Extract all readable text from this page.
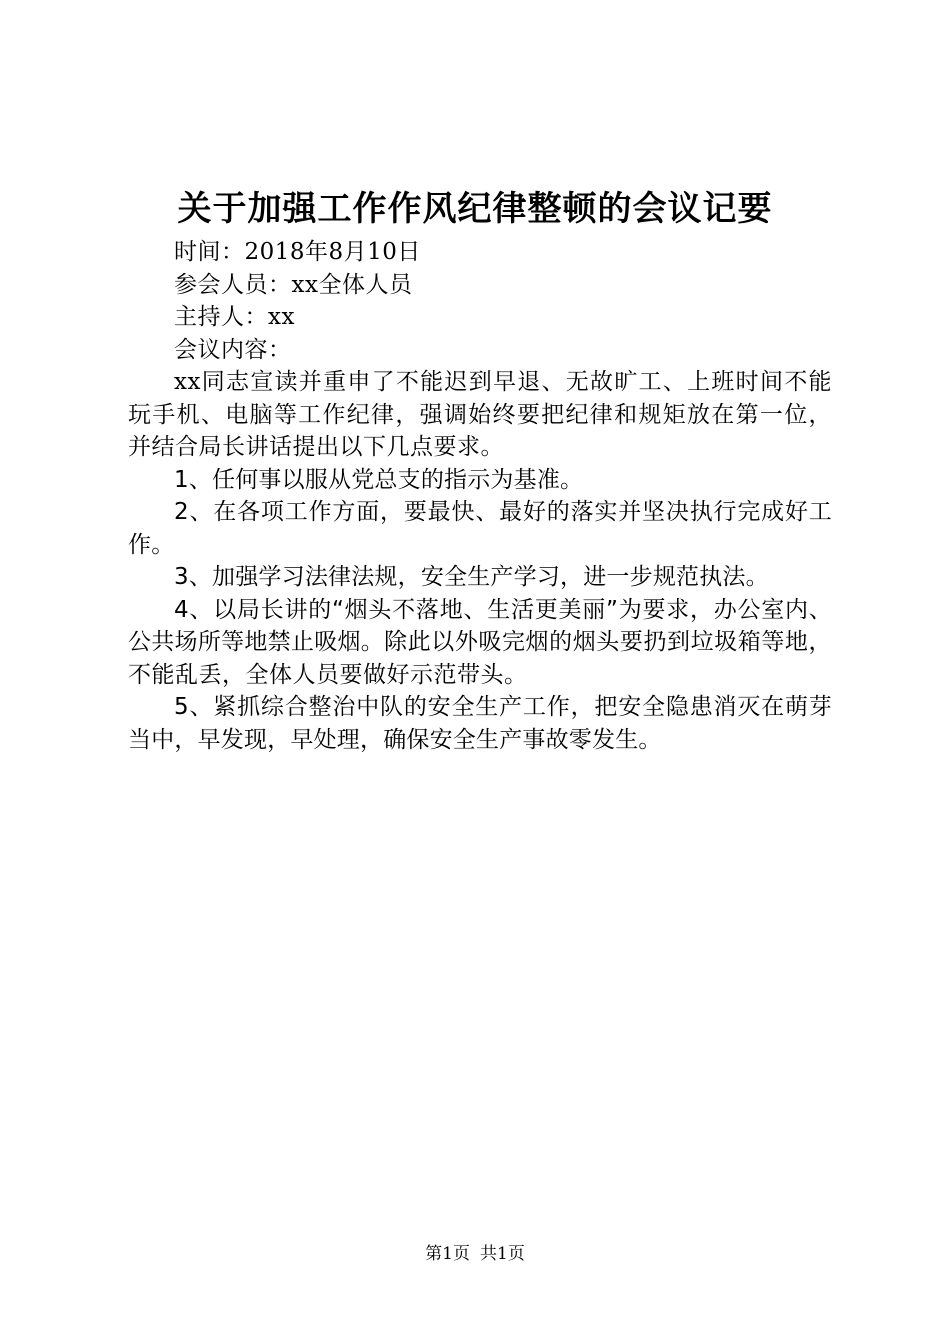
关于加强工作作风纪律整顿的会议记要

时间：2018年8月10日

参会人员：xx全体人员

主持人：xx

会议内容：

xx同志宣读并重申了不能迟到早退、无故旷工、上班时间不能玩手机、电脑等工作纪律，强调始终要把纪律和规矩放在第一位，并结合局长讲话提出以下几点要求。

1、任何事以服从党总支的指示为基准。

2、在各项工作方面，要最快、最好的落实并坚决执行完成好工作。

3、加强学习法律法规，安全生产学习，进一步规范执法。

4、以局长讲的“烟头不落地、生活更美丽”为要求，办公室内、公共场所等地禁止吸烟。除此以外吸完烟的烟头要扔到垃圾箱等地，不能乱丢，全体人员要做好示范带头。

5、紧抓综合整治中队的安全生产工作，把安全隐患消灭在萌芽当中，早发现，早处理，确保安全生产事故零发生。

第1页 共1页
